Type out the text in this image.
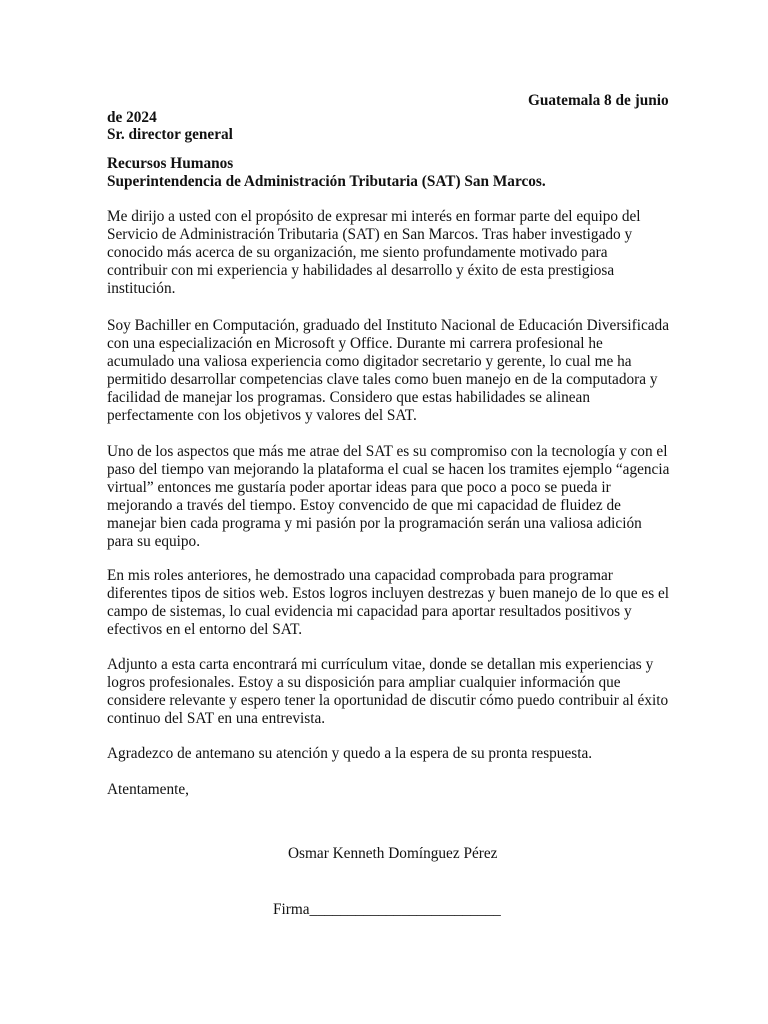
Guatemala 8 de junio
de 2024
Sr. director general
Recursos Humanos
Superintendencia de Administración Tributaria (SAT) San Marcos.
Me dirijo a usted con el propósito de expresar mi interés en formar parte del equipo del
Servicio de Administración Tributaria (SAT) en San Marcos. Tras haber investigado y
conocido más acerca de su organización, me siento profundamente motivado para
contribuir con mi experiencia y habilidades al desarrollo y éxito de esta prestigiosa
institución.
Soy Bachiller en Computación, graduado del Instituto Nacional de Educación Diversificada
con una especialización en Microsoft y Office. Durante mi carrera profesional he
acumulado una valiosa experiencia como digitador secretario y gerente, lo cual me ha
permitido desarrollar competencias clave tales como buen manejo en de la computadora y
facilidad de manejar los programas. Considero que estas habilidades se alinean
perfectamente con los objetivos y valores del SAT.
Uno de los aspectos que más me atrae del SAT es su compromiso con la tecnología y con el
paso del tiempo van mejorando la plataforma el cual se hacen los tramites ejemplo “agencia
virtual” entonces me gustaría poder aportar ideas para que poco a poco se pueda ir
mejorando a través del tiempo. Estoy convencido de que mi capacidad de fluidez de
manejar bien cada programa y mi pasión por la programación serán una valiosa adición
para su equipo.
En mis roles anteriores, he demostrado una capacidad comprobada para programar
diferentes tipos de sitios web. Estos logros incluyen destrezas y buen manejo de lo que es el
campo de sistemas, lo cual evidencia mi capacidad para aportar resultados positivos y
efectivos en el entorno del SAT.
Adjunto a esta carta encontrará mi currículum vitae, donde se detallan mis experiencias y
logros profesionales. Estoy a su disposición para ampliar cualquier información que
considere relevante y espero tener la oportunidad de discutir cómo puedo contribuir al éxito
continuo del SAT en una entrevista.
Agradezco de antemano su atención y quedo a la espera de su pronta respuesta.
Atentamente,
Osmar Kenneth Domínguez Pérez
Firma_________________________
